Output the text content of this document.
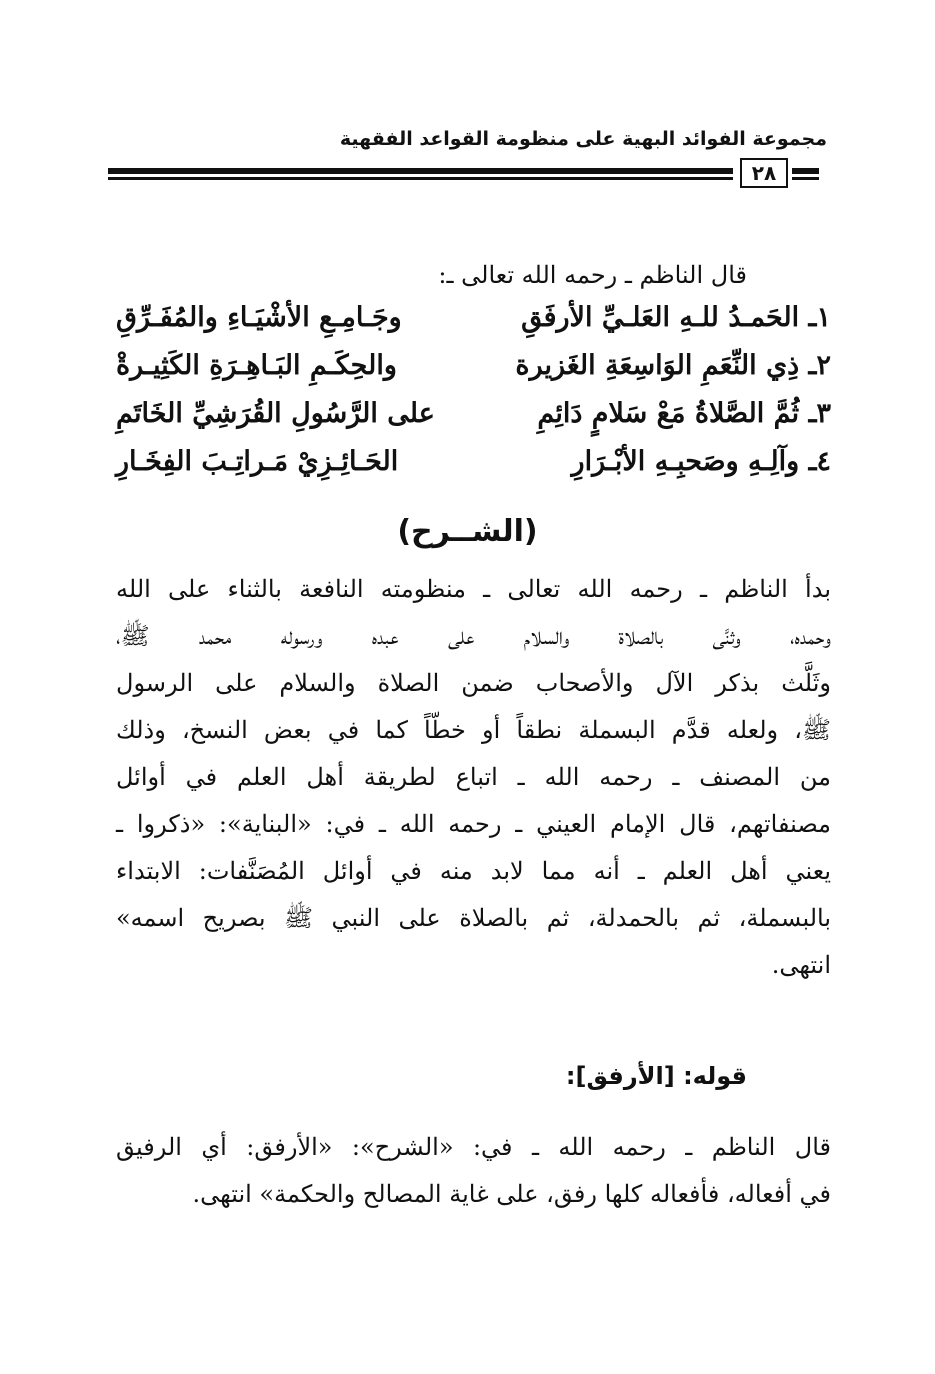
مجموعة الفوائد البهية على منظومة القواعد الفقهية
٢٨
قال الناظم ـ رحمه الله تعالى ـ:
١ـ الحَمـدُ للـهِ العَلـيِّ الأرفَقِ
وجَـامِـعِ الأشْيَـاءِ والمُفَـرِّقِ
٢ـ ذِي النِّعَمِ الوَاسِعَةِ الغَزيرة
والحِكَـمِ البَـاهِـرَةِ الكَثِيـرةْ
٣ـ ثُمَّ الصَّلاةُ مَعْ سَلامٍ دَائِمِ
على الرَّسُولِ القُرَشِيِّ الخَاتَمِ
٤ـ وآلِـهِ وصَحبِـهِ الأبْـرَارِ
الحَـائِـزِيْ مَـراتِـبَ الفِخَـارِ
(الشــرح)
بدأ الناظم ـ رحمه الله تعالى ـ منظومته النافعة بالثناء على الله
وحمده، وثنَّى بالصلاة والسلام على عبده ورسوله محمد ﷺ،
وثَلَّث بذكر الآل والأصحاب ضمن الصلاة والسلام على الرسول
ﷺ، ولعله قدَّم البسملة نطقاً أو خطّاً كما في بعض النسخ، وذلك
من المصنف ـ رحمه الله ـ اتباع لطريقة أهل العلم في أوائل
مصنفاتهم، قال الإمام العيني ـ رحمه الله ـ في: «البناية»: «ذكروا ـ
يعني أهل العلم ـ أنه مما لابد منه في أوائل المُصَنَّفات: الابتداء
بالبسملة، ثم بالحمدلة، ثم بالصلاة على النبي ﷺ بصريح اسمه»
انتهى.
قوله: [الأرفق]:
قال الناظم ـ رحمه الله ـ في: «الشرح»: «الأرفق: أي الرفيق
في أفعاله، فأفعاله كلها رفق، على غاية المصالح والحكمة» انتهى.
